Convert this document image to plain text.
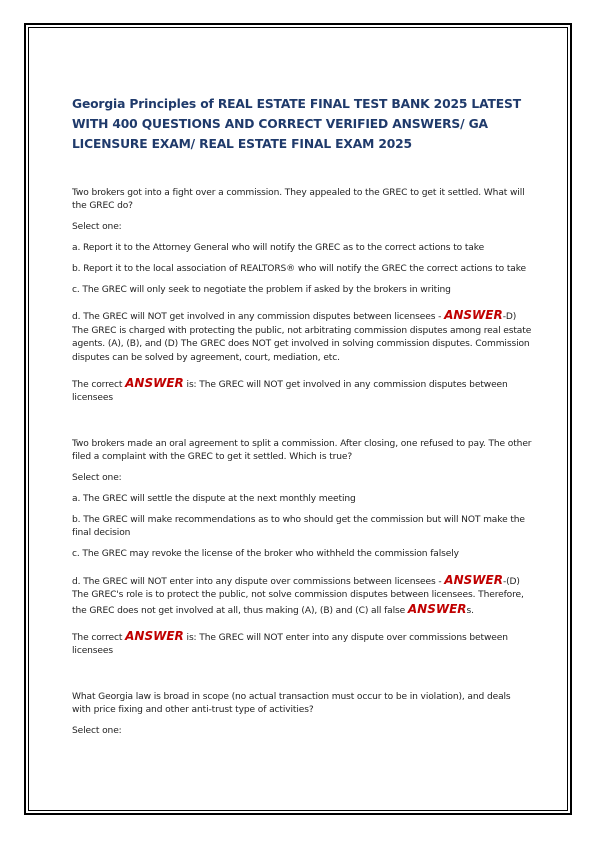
Georgia Principles of REAL ESTATE FINAL TEST BANK 2025 LATEST WITH 400 QUESTIONS AND CORRECT VERIFIED ANSWERS/ GA LICENSURE EXAM/ REAL ESTATE FINAL EXAM 2025

Two brokers got into a fight over a commission. They appealed to the GREC to get it settled. What will the GREC do?

Select one:

a. Report it to the Attorney General who will notify the GREC as to the correct actions to take

b. Report it to the local association of REALTORS® who will notify the GREC the correct actions to take

c. The GREC will only seek to negotiate the problem if asked by the brokers in writing

d. The GREC will NOT get involved in any commission disputes between licensees - ANSWER-D) The GREC is charged with protecting the public, not arbitrating commission disputes among real estate agents. (A), (B), and (D) The GREC does NOT get involved in solving commission disputes. Commission disputes can be solved by agreement, court, mediation, etc.

The correct ANSWER is: The GREC will NOT get involved in any commission disputes between licensees

Two brokers made an oral agreement to split a commission. After closing, one refused to pay. The other filed a complaint with the GREC to get it settled. Which is true?

Select one:

a. The GREC will settle the dispute at the next monthly meeting

b. The GREC will make recommendations as to who should get the commission but will NOT make the final decision

c. The GREC may revoke the license of the broker who withheld the commission falsely

d. The GREC will NOT enter into any dispute over commissions between licensees - ANSWER-(D) The GREC's role is to protect the public, not solve commission disputes between licensees. Therefore, the GREC does not get involved at all, thus making (A), (B) and (C) all false ANSWERs.

The correct ANSWER is: The GREC will NOT enter into any dispute over commissions between licensees

What Georgia law is broad in scope (no actual transaction must occur to be in violation), and deals with price fixing and other anti-trust type of activities?

Select one:
